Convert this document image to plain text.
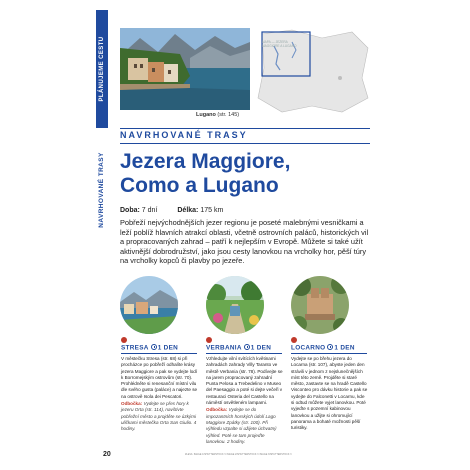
PLÁNUJEME CESTU
NAVRHOVANÉ TRASY
Lugano (str. 145)
MAPA — JEZERA MAGGIORE A LUGANO
NAVRHOVANÉ TRASY
Jezera Maggiore,
Como a Lugano
Doba: 7 dní	Délka: 175 km
Pobřeží nejvýchodnějších jezer regionu je poseté malebnými vesničkami a leží poblíž hlavních atrakcí oblasti, včetně ostrovních paláců, historických vil a propracovaných zahrad – patří k nejlepším v Evropě. Můžete si také užít aktivnější dobrodružství, jako jsou cesty lanovkou na vrcholky hor, pěší túry na vrcholky kopců či plavby po jezeře.
STRESA 1 DEN	VERBANIA 1 DEN	LOCARNO 1 DEN
V městečku Stresa (str. 68) si při procházce po pobřeží odhalíte krásy jezera Maggiore a pak se vydejte lodí k Borromejským ostrovům (str. 70). Prohlédněte si renesanční místní vilu dle svého gusta (paláce) a najezte se na ostrově Isola dei Pescatori.
Odbočka: Vydejte se přes hory k jezeru Orta (str. 114), navštivte pobřežní město a projděte se úzkými uličkami městečka Orta San Giulio. 4 hodiny.
Vzhledujte vilní svítících květinami zahradách zahrady Villy Taranto ve městě Verbania (str. 78). Podívejte se na jarem propracovaný zahradní Punta Pelosa a Trebedelino v Museo del Paesaggio a poté si dejte večeři v restauraci Osteria del Castello na náměstí osvětleném lampami.
Odbočka: Vydejte se do impozantních horských údolí Lago Maggiore Zpátky (str. 100). Při výhledu vzpalte si užijete úchvatný výhled. Poté se tam projeďte lanovkou. 2 hodiny.
Vydejte se po břehu jezera do Locarna (str. 107), abyste jeden den strávili v jednom z nejslunečnějších míst této země. Projděte si staré město, zastavte se na hradě Castello Visconteo pro dávku historie a pak se vydejte do Falconetti v Locarnu, kde si odtud můžete vyjet lanovkou. Poté vyjeďte s pozemní kabinovou lanovkou a užijte si ohromující panorama a bohaté možnosti pěší turistiky.
20	ZLEVA: IMAGE 1/SHUTTERSTOCK © IMAGE 2/SHUTTERSTOCK © IMAGE 3/SHUTTERSTOCK ©
